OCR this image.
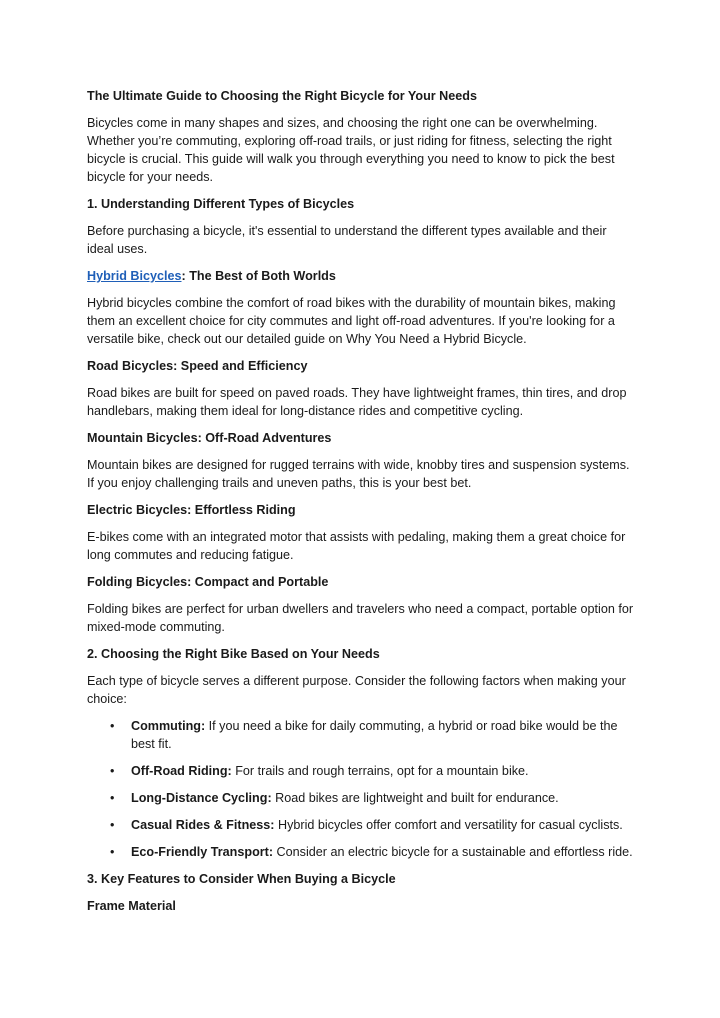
The Ultimate Guide to Choosing the Right Bicycle for Your Needs

Bicycles come in many shapes and sizes, and choosing the right one can be overwhelming. Whether you’re commuting, exploring off-road trails, or just riding for fitness, selecting the right bicycle is crucial. This guide will walk you through everything you need to know to pick the best bicycle for your needs.

1. Understanding Different Types of Bicycles

Before purchasing a bicycle, it's essential to understand the different types available and their ideal uses.

Hybrid Bicycles: The Best of Both Worlds

Hybrid bicycles combine the comfort of road bikes with the durability of mountain bikes, making them an excellent choice for city commutes and light off-road adventures. If you're looking for a versatile bike, check out our detailed guide on Why You Need a Hybrid Bicycle.

Road Bicycles: Speed and Efficiency

Road bikes are built for speed on paved roads. They have lightweight frames, thin tires, and drop handlebars, making them ideal for long-distance rides and competitive cycling.

Mountain Bicycles: Off-Road Adventures

Mountain bikes are designed for rugged terrains with wide, knobby tires and suspension systems. If you enjoy challenging trails and uneven paths, this is your best bet.

Electric Bicycles: Effortless Riding

E-bikes come with an integrated motor that assists with pedaling, making them a great choice for long commutes and reducing fatigue.

Folding Bicycles: Compact and Portable

Folding bikes are perfect for urban dwellers and travelers who need a compact, portable option for mixed-mode commuting.

2. Choosing the Right Bike Based on Your Needs

Each type of bicycle serves a different purpose. Consider the following factors when making your choice:

• Commuting: If you need a bike for daily commuting, a hybrid or road bike would be the best fit.
• Off-Road Riding: For trails and rough terrains, opt for a mountain bike.
• Long-Distance Cycling: Road bikes are lightweight and built for endurance.
• Casual Rides & Fitness: Hybrid bicycles offer comfort and versatility for casual cyclists.
• Eco-Friendly Transport: Consider an electric bicycle for a sustainable and effortless ride.

3. Key Features to Consider When Buying a Bicycle

Frame Material
